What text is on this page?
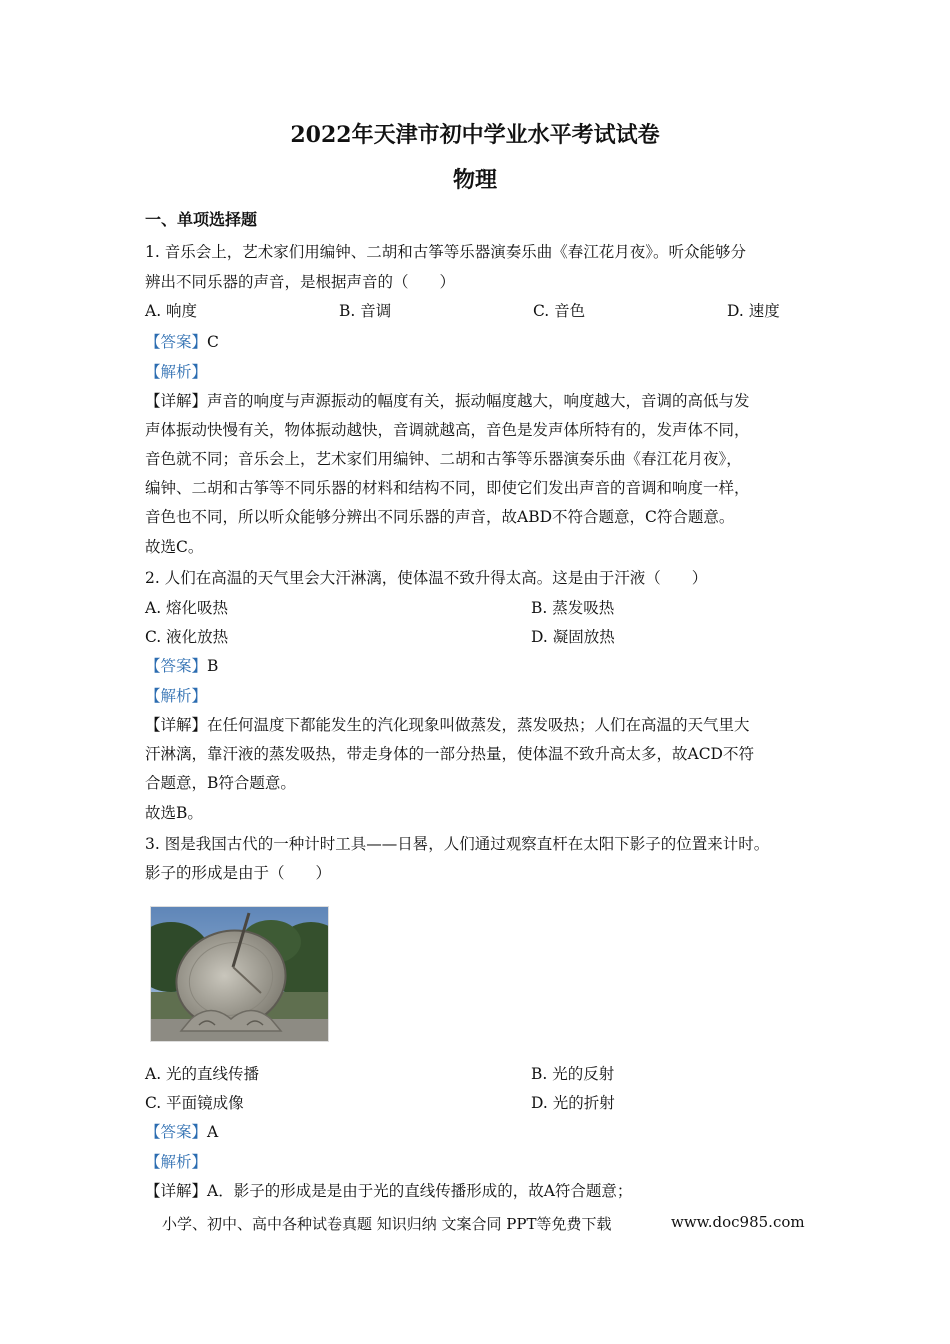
2022年天津市初中学业水平考试试卷
物理
一、单项选择题
1. 音乐会上，艺术家们用编钟、二胡和古筝等乐器演奏乐曲《春江花月夜》。听众能够分
辨出不同乐器的声音，是根据声音的（　　）
A. 响度	B. 音调	C. 音色	D. 速度
【答案】C
【解析】
【详解】声音的响度与声源振动的幅度有关，振动幅度越大，响度越大，音调的高低与发
声体振动快慢有关，物体振动越快，音调就越高，音色是发声体所特有的，发声体不同，
音色就不同；音乐会上，艺术家们用编钟、二胡和古筝等乐器演奏乐曲《春江花月夜》，
编钟、二胡和古筝等不同乐器的材料和结构不同，即使它们发出声音的音调和响度一样，
音色也不同，所以听众能够分辨出不同乐器的声音，故ABD不符合题意，C符合题意。
故选C。
2. 人们在高温的天气里会大汗淋漓，使体温不致升得太高。这是由于汗液（　　）
A. 熔化吸热	B. 蒸发吸热
C. 液化放热	D. 凝固放热
【答案】B
【解析】
【详解】在任何温度下都能发生的汽化现象叫做蒸发，蒸发吸热；人们在高温的天气里大
汗淋漓，靠汗液的蒸发吸热，带走身体的一部分热量，使体温不致升高太多，故ACD不符
合题意，B符合题意。
故选B。
3. 图是我国古代的一种计时工具——日晷，人们通过观察直杆在太阳下影子的位置来计时。
影子的形成是由于（　　）
A. 光的直线传播	B. 光的反射
C. 平面镜成像	D. 光的折射
【答案】A
【解析】
【详解】A．影子的形成是是由于光的直线传播形成的，故A符合题意；
小学、初中、高中各种试卷真题 知识归纳 文案合同 PPT等免费下载	www.doc985.com
